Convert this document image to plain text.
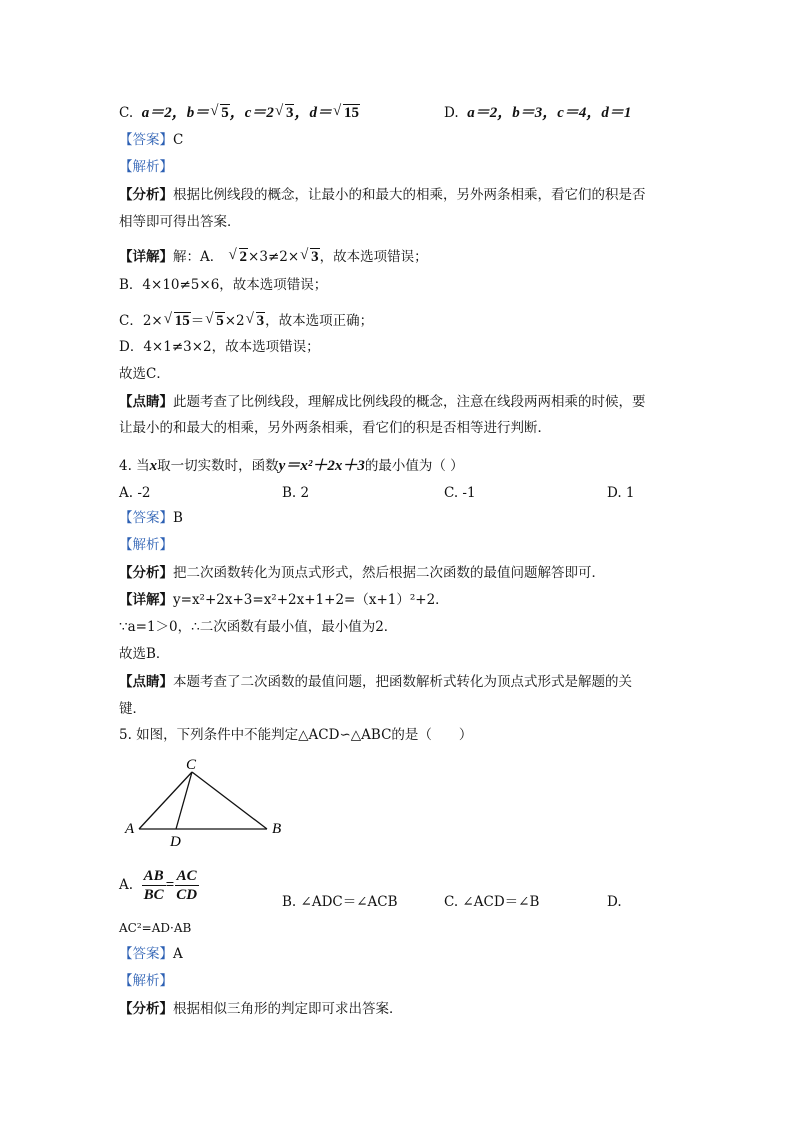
C. a＝2，b＝ √ 5，c＝2 √ 3，d＝ √ 15	D. a＝2，b＝3，c＝4，d＝1
【答案】C
【解析】
【分析】根据比例线段的概念，让最小的和最大的相乘，另外两条相乘，看它们的积是否
相等即可得出答案．
【详解】解：A． √ 2×3≠2× √ 3，故本选项错误；
B．4×10≠5×6，故本选项错误；
C．2× √ 15＝ √ 5×2 √ 3，故本选项正确；
D．4×1≠3×2，故本选项错误；
故选C．
【点睛】此题考查了比例线段，理解成比例线段的概念，注意在线段两两相乘的时候，要
让最小的和最大的相乘，另外两条相乘，看它们的积是否相等进行判断．
4. 当x取一切实数时，函数y＝x²＋2x＋3的最小值为（ ）
A. -2	B. 2	C. -1	D. 1
【答案】B
【解析】
【分析】把二次函数转化为顶点式形式，然后根据二次函数的最值问题解答即可．
【详解】y=x²+2x+3=x²+2x+1+2=（x+1）²+2．
∵a=1＞0，∴二次函数有最小值，最小值为2．
故选B．
【点睛】本题考查了二次函数的最值问题，把函数解析式转化为顶点式形式是解题的关
键．
5. 如图，下列条件中不能判定△ACD∽△ABC的是（　　）
C
A	B
D
A. $\frac{AB}{BC} = \frac{AC}{CD}$	B. ∠ADC＝∠ACB	C. ∠ACD＝∠B	D.
AC²=AD·AB
【答案】A
【解析】
【分析】根据相似三角形的判定即可求出答案．
